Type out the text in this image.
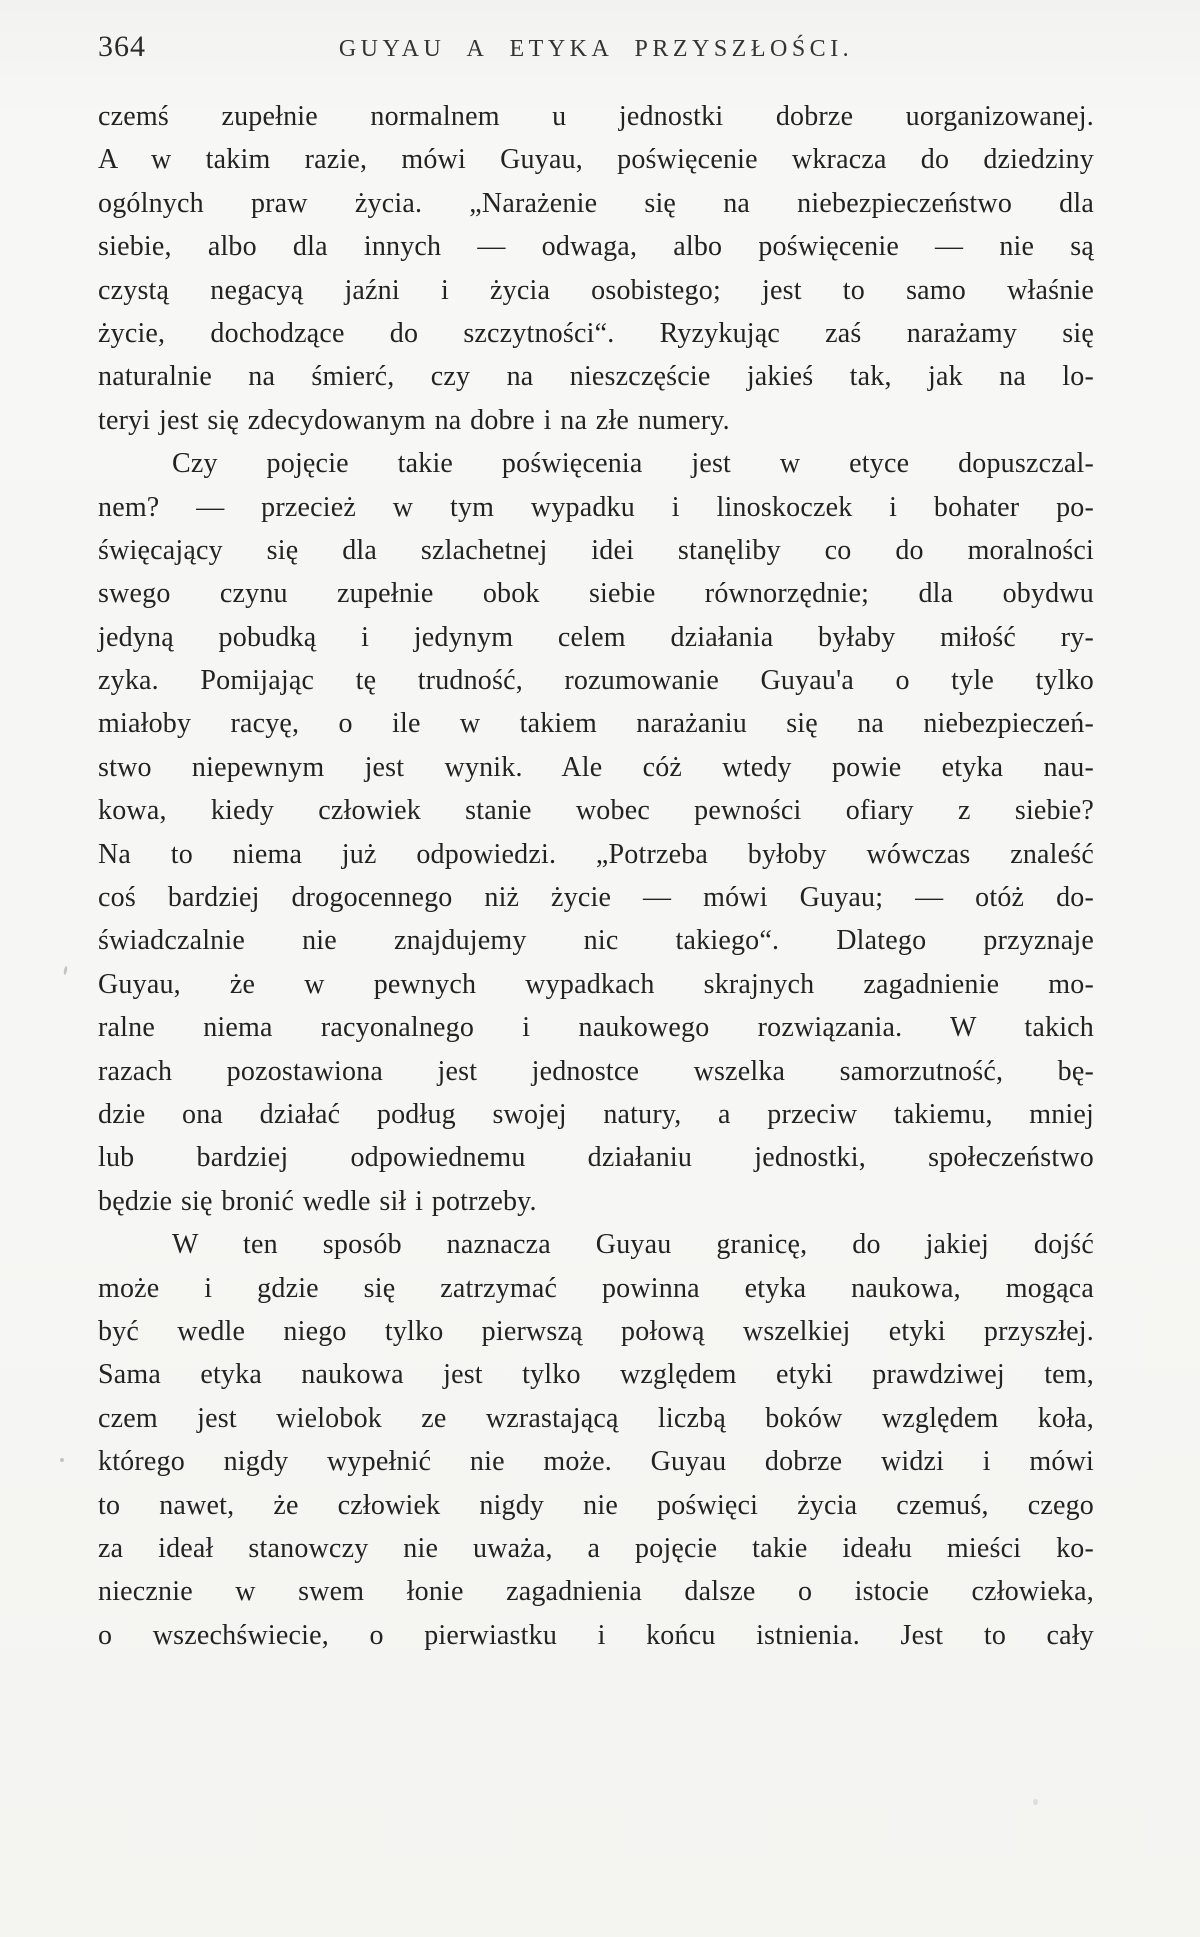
364	GUYAU A ETYKA PRZYSZŁOŚCI.
czemś zupełnie normalnem u jednostki dobrze uorganizowanej.
A w takim razie, mówi Guyau, poświęcenie wkracza do dziedziny
ogólnych praw życia. „Narażenie się na niebezpieczeństwo dla
siebie, albo dla innych — odwaga, albo poświęcenie — nie są
czystą negacyą jaźni i życia osobistego; jest to samo właśnie
życie, dochodzące do szczytności“. Ryzykując zaś narażamy się
naturalnie na śmierć, czy na nieszczęście jakieś tak, jak na lo-
teryi jest się zdecydowanym na dobre i na złe numery.
Czy pojęcie takie poświęcenia jest w etyce dopuszczal-
nem? — przecież w tym wypadku i linoskoczek i bohater po-
święcający się dla szlachetnej idei stanęliby co do moralności
swego czynu zupełnie obok siebie równorzędnie; dla obydwu
jedyną pobudką i jedynym celem działania byłaby miłość ry-
zyka. Pomijając tę trudność, rozumowanie Guyau'a o tyle tylko
miałoby racyę, o ile w takiem narażaniu się na niebezpieczeń-
stwo niepewnym jest wynik. Ale cóż wtedy powie etyka nau-
kowa, kiedy człowiek stanie wobec pewności ofiary z siebie?
Na to niema już odpowiedzi. „Potrzeba byłoby wówczas znaleść
coś bardziej drogocennego niż życie — mówi Guyau; — otóż do-
świadczalnie nie znajdujemy nic takiego“. Dlatego przyznaje
Guyau, że w pewnych wypadkach skrajnych zagadnienie mo-
ralne niema racyonalnego i naukowego rozwiązania. W takich
razach pozostawiona jest jednostce wszelka samorzutność, bę-
dzie ona działać podług swojej natury, a przeciw takiemu, mniej
lub bardziej odpowiednemu działaniu jednostki, społeczeństwo
będzie się bronić wedle sił i potrzeby.
W ten sposób naznacza Guyau granicę, do jakiej dojść
może i gdzie się zatrzymać powinna etyka naukowa, mogąca
być wedle niego tylko pierwszą połową wszelkiej etyki przyszłej.
Sama etyka naukowa jest tylko względem etyki prawdziwej tem,
czem jest wielobok ze wzrastającą liczbą boków względem koła,
którego nigdy wypełnić nie może. Guyau dobrze widzi i mówi
to nawet, że człowiek nigdy nie poświęci życia czemuś, czego
za ideał stanowczy nie uważa, a pojęcie takie ideału mieści ko-
niecznie w swem łonie zagadnienia dalsze o istocie człowieka,
o wszechświecie, o pierwiastku i końcu istnienia. Jest to cały
